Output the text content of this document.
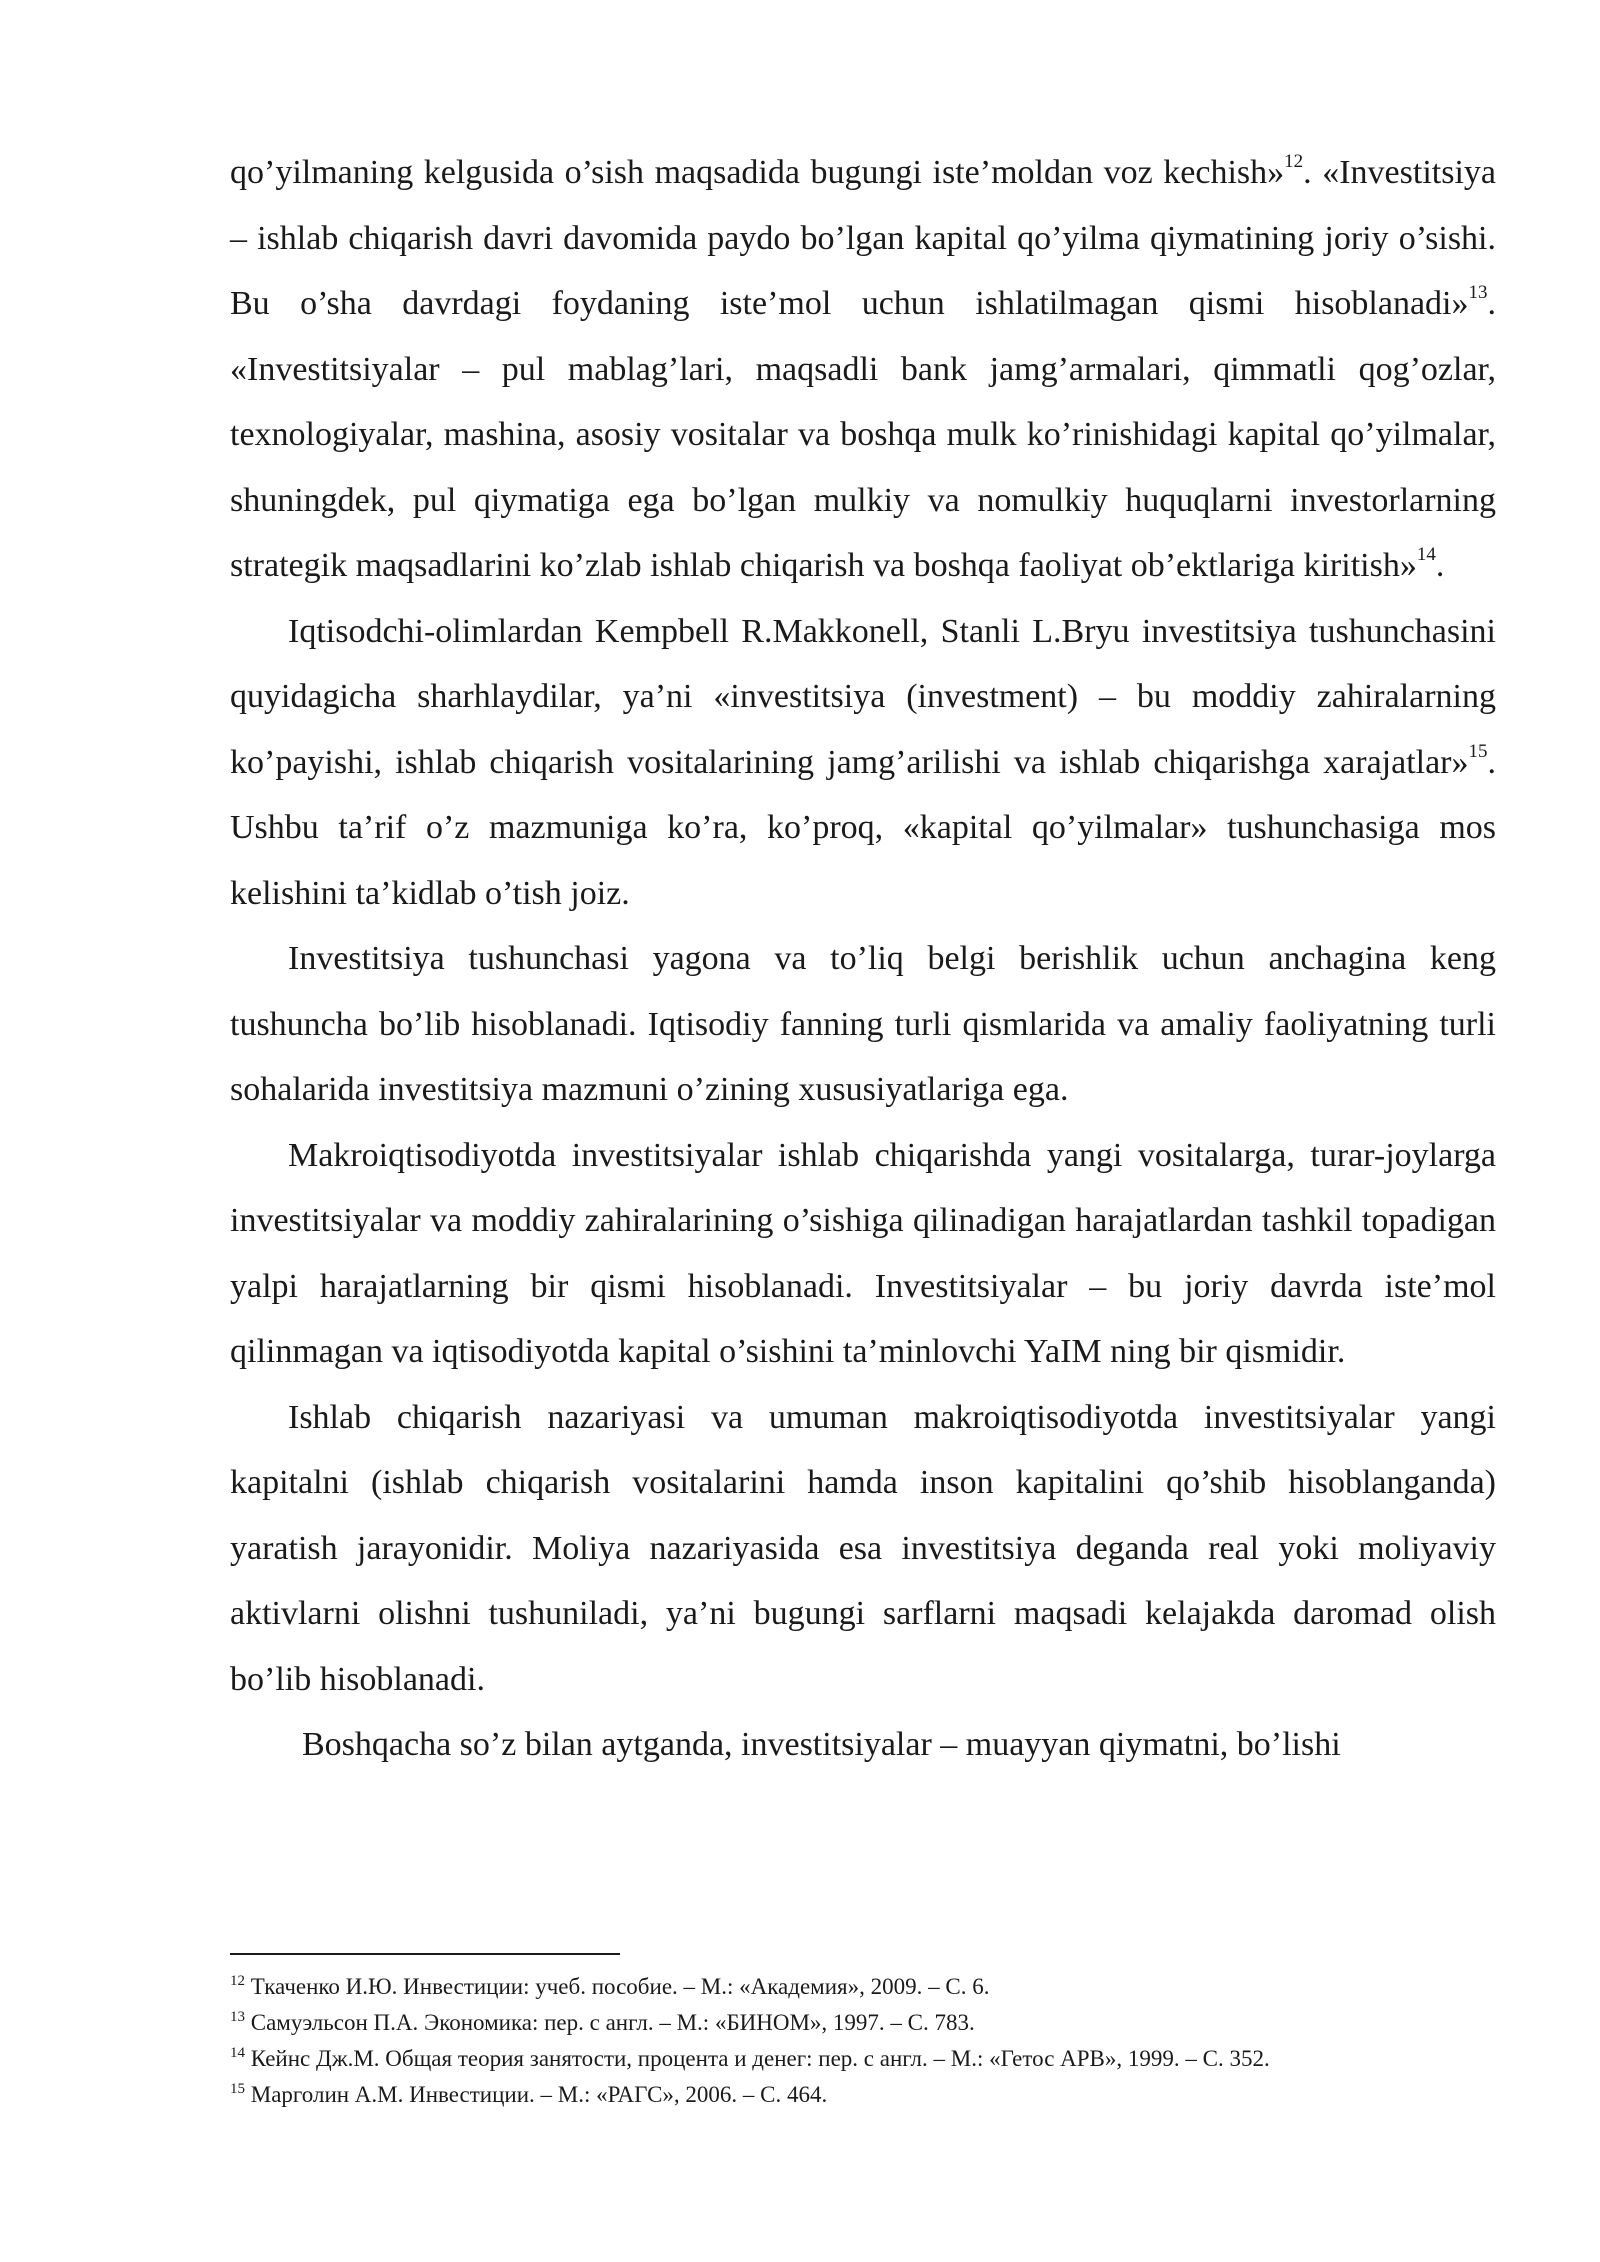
qo’yilmaning kelgusida o’sish maqsadida bugungi iste’moldan voz kechish»$^{12}$. «Investitsiya – ishlab chiqarish davri davomida paydo bo’lgan kapital qo’yilma qiymatining joriy o’sishi. Bu o’sha davrdagi foydaning iste’mol uchun ishlatilmagan qismi hisoblanadi»$^{13}$. «Investitsiyalar – pul mablag’lari, maqsadli bank jamg’armalari, qimmatli qog’ozlar, texnologiyalar, mashina, asosiy vositalar va boshqa mulk ko’rinishidagi kapital qo’yilmalar, shuningdek, pul qiymatiga ega bo’lgan mulkiy va nomulkiy huquqlarni investorlarning strategik maqsadlarini ko’zlab ishlab chiqarish va boshqa faoliyat ob’ektlariga kiritish»$^{14}$.

Iqtisodchi-olimlardan Kempbell R.Makkonell, Stanli L.Bryu investitsiya tushunchasini quyidagicha sharhlaydilar, ya’ni «investitsiya (investment) – bu moddiy zahiralarning ko’payishi, ishlab chiqarish vositalarining jamg’arilishi va ishlab chiqarishga xarajatlar»$^{15}$. Ushbu ta’rif o’z mazmuniga ko’ra, ko’proq, «kapital qo’yilmalar» tushunchasiga mos kelishini ta’kidlab o’tish joiz.

Investitsiya tushunchasi yagona va to’liq belgi berishlik uchun anchagina keng tushuncha bo’lib hisoblanadi. Iqtisodiy fanning turli qismlarida va amaliy faoliyatning turli sohalarida investitsiya mazmuni o’zining xususiyatlariga ega.

Makroiqtisodiyotda investitsiyalar ishlab chiqarishda yangi vositalarga, turar-joylarga investitsiyalar va moddiy zahiralarining o’sishiga qilinadigan harajatlardan tashkil topadigan yalpi harajatlarning bir qismi hisoblanadi. Investitsiyalar – bu joriy davrda iste’mol qilinmagan va iqtisodiyotda kapital o’sishini ta’minlovchi YaIM ning bir qismidir.

Ishlab chiqarish nazariyasi va umuman makroiqtisodiyotda investitsiyalar yangi kapitalni (ishlab chiqarish vositalarini hamda inson kapitalini qo’shib hisoblanganda) yaratish jarayonidir. Moliya nazariyasida esa investitsiya deganda real yoki moliyaviy aktivlarni olishni tushuniladi, ya’ni bugungi sarflarni maqsadi kelajakda daromad olish bo’lib hisoblanadi.

Boshqacha so’z bilan aytganda, investitsiyalar – muayyan qiymatni, bo’lishi

$^{12}$ Ткаченко И.Ю. Инвестиции: учеб. пособие. – М.: «Академия», 2009. – С. 6.

$^{13}$ Самуэльсон П.А. Экономика: пер. с англ. – М.: «БИНОМ», 1997. – С. 783.

$^{14}$ Кейнс Дж.М. Общая теория занятости, процента и денег: пер. с англ. – М.: «Гетос АРВ», 1999. – С. 352.

$^{15}$ Марголин А.М. Инвестиции. – М.: «РАГС», 2006. – С. 464.
